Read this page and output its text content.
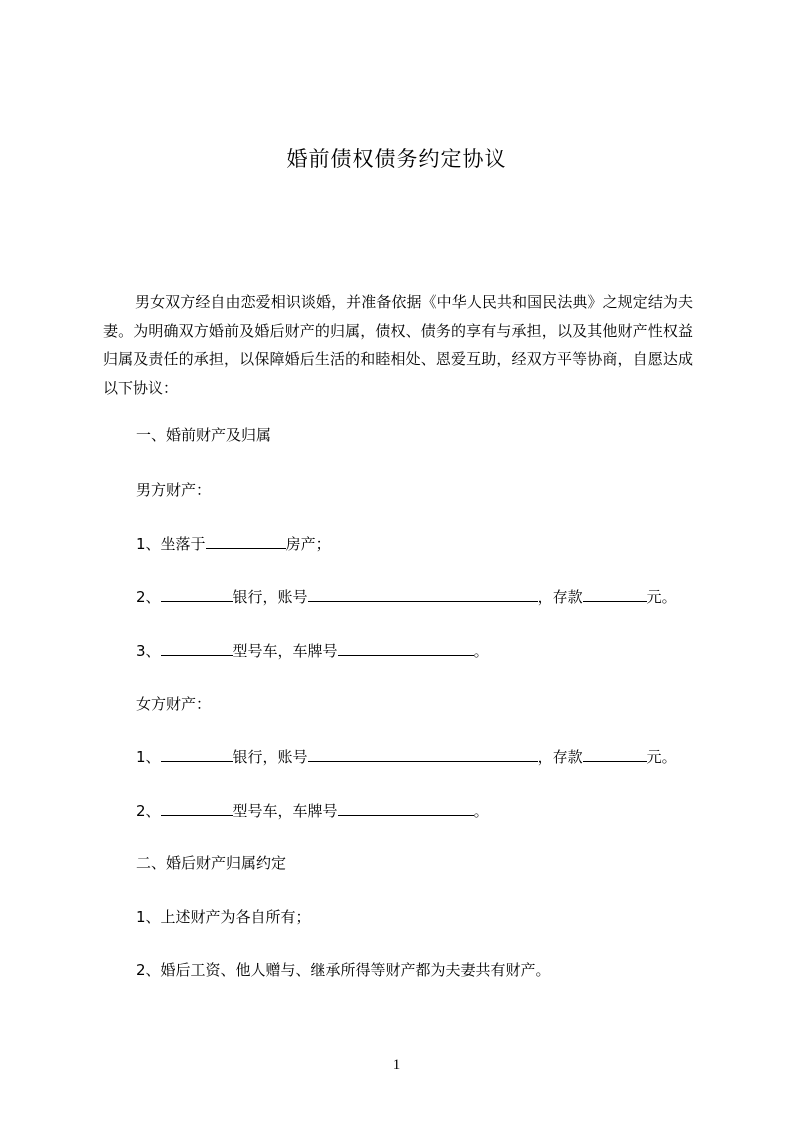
婚前债权债务约定协议
男女双方经自由恋爱相识谈婚，并准备依据《中华人民共和国民法典》之规定结为夫妻。为明确双方婚前及婚后财产的归属，债权、债务的享有与承担，以及其他财产性权益归属及责任的承担，以保障婚后生活的和睦相处、恩爱互助，经双方平等协商，自愿达成以下协议：
一、婚前财产及归属
男方财产：
1、坐落于	房产；
2、	银行，账号	，存款	元。
3、	型号车，车牌号	。
女方财产：
1、	银行，账号	，存款	元。
2、	型号车，车牌号	。
二、婚后财产归属约定
1、上述财产为各自所有；
2、婚后工资、他人赠与、继承所得等财产都为夫妻共有财产。
1
